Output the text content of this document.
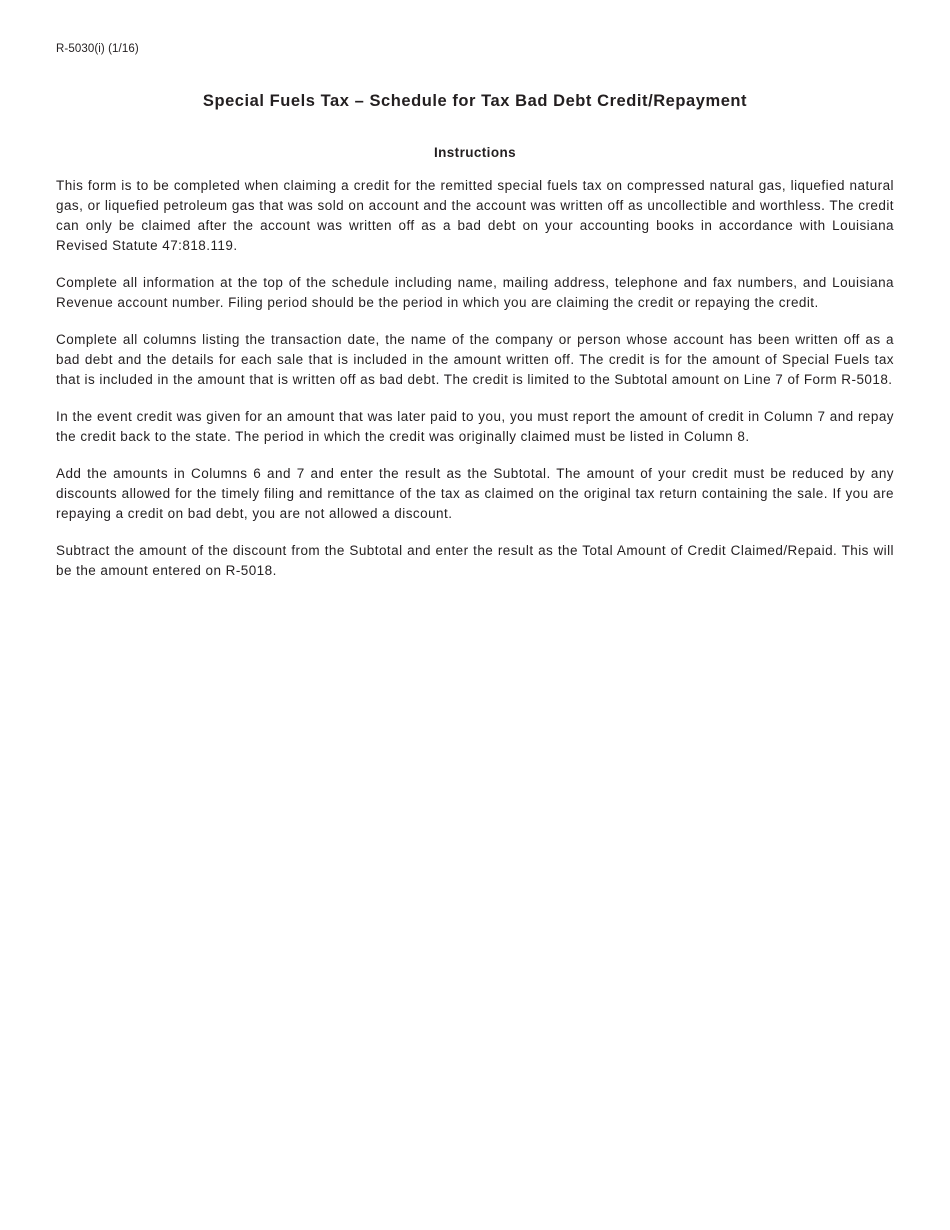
R-5030(i) (1/16)
Special Fuels Tax – Schedule for Tax Bad Debt Credit/Repayment
Instructions

This form is to be completed when claiming a credit for the remitted special fuels tax on compressed natural gas, liquefied natural gas, or liquefied petroleum gas that was sold on account and the account was written off as uncollectible and worthless. The credit can only be claimed after the account was written off as a bad debt on your accounting books in accordance with Louisiana Revised Statute 47:818.119.

Complete all information at the top of the schedule including name, mailing address, telephone and fax numbers, and Louisiana Revenue account number. Filing period should be the period in which you are claiming the credit or repaying the credit.

Complete all columns listing the transaction date, the name of the company or person whose account has been written off as a bad debt and the details for each sale that is included in the amount written off. The credit is for the amount of Special Fuels tax that is included in the amount that is written off as bad debt. The credit is limited to the Subtotal amount on Line 7 of Form R-5018.

In the event credit was given for an amount that was later paid to you, you must report the amount of credit in Column 7 and repay the credit back to the state. The period in which the credit was originally claimed must be listed in Column 8.

Add the amounts in Columns 6 and 7 and enter the result as the Subtotal. The amount of your credit must be reduced by any discounts allowed for the timely filing and remittance of the tax as claimed on the original tax return containing the sale. If you are repaying a credit on bad debt, you are not allowed a discount.

Subtract the amount of the discount from the Subtotal and enter the result as the Total Amount of Credit Claimed/Repaid. This will be the amount entered on R-5018.
